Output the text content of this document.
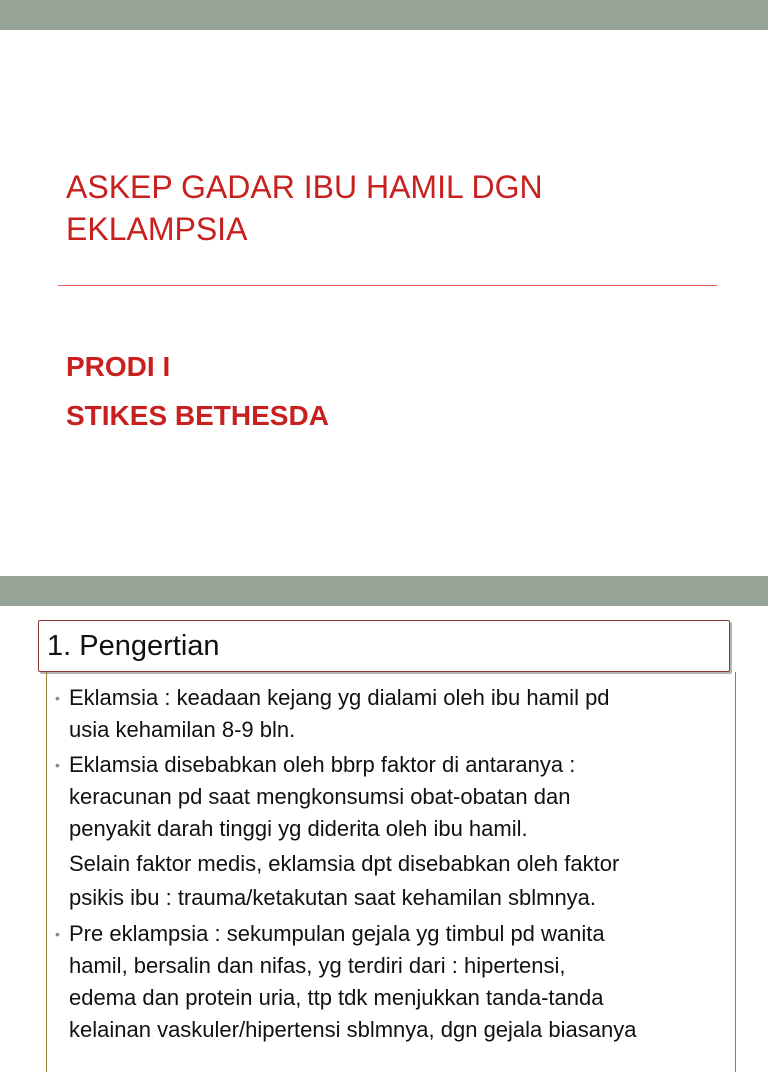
ASKEP GADAR IBU HAMIL DGN
EKLAMPSIA
PRODI I
STIKES BETHESDA
1. Pengertian
• Eklamsia : keadaan kejang yg dialami oleh ibu hamil pd
usia kehamilan 8-9 bln.
• Eklamsia disebabkan oleh bbrp faktor di antaranya :
keracunan pd saat mengkonsumsi obat-obatan dan
penyakit darah tinggi yg diderita oleh ibu hamil.
Selain faktor medis, eklamsia dpt disebabkan oleh faktor
psikis ibu : trauma/ketakutan saat kehamilan sblmnya.
• Pre eklampsia : sekumpulan gejala yg timbul pd wanita
hamil, bersalin dan nifas, yg terdiri dari : hipertensi,
edema dan protein uria, ttp tdk menjukkan tanda-tanda
kelainan vaskuler/hipertensi sblmnya, dgn gejala biasanya
